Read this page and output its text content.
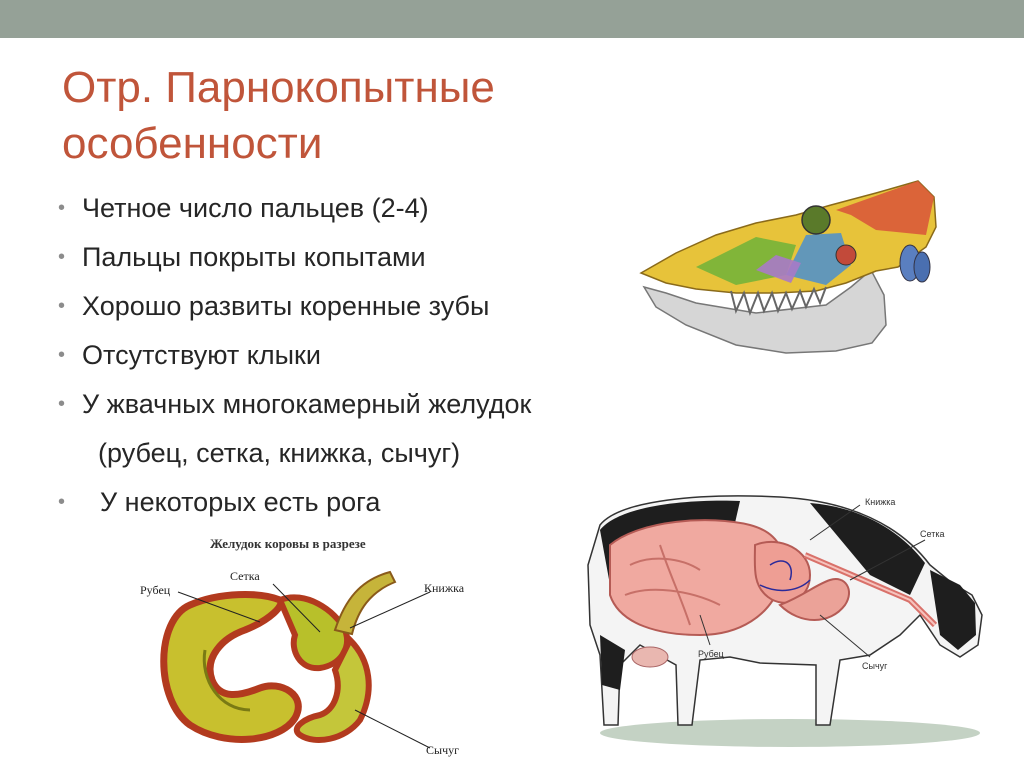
Отр. Парнокопытные
особенности
• Четное число пальцев (2-4)
• Пальцы покрыты копытами
• Хорошо развиты коренные зубы
• Отсутствуют клыки
• У жвачных многокамерный желудок
(рубец, сетка, книжка, сычуг)
• У некоторых есть рога
Желудок коровы в разрезе
Рубец
Сетка
Книжка
Сычуг
Книжка
Сетка
Рубец
Сычуг
